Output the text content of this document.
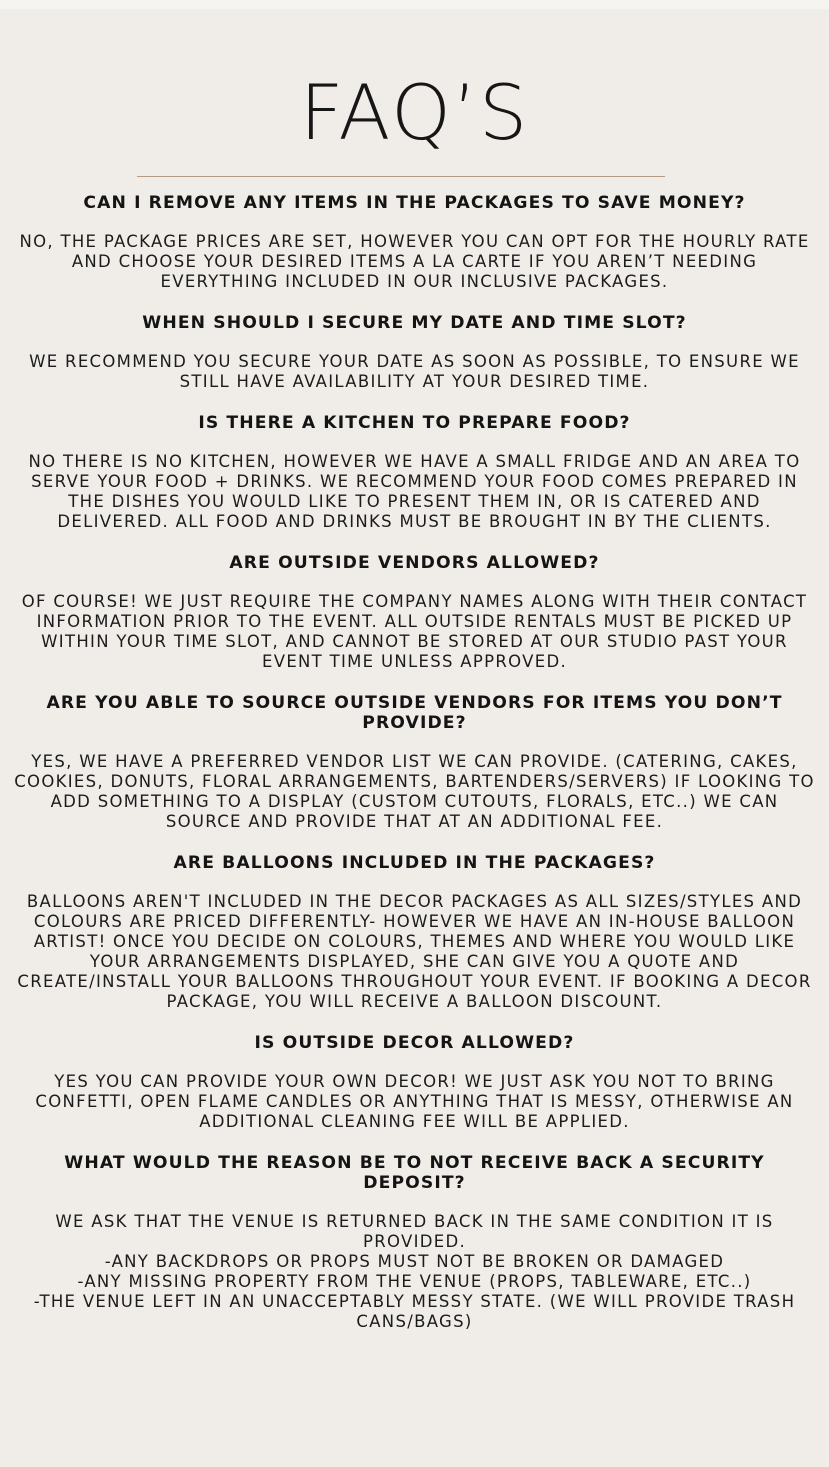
FAQ’S

CAN I REMOVE ANY ITEMS IN THE PACKAGES TO SAVE MONEY?

NO, THE PACKAGE PRICES ARE SET, HOWEVER YOU CAN OPT FOR THE HOURLY RATE AND CHOOSE YOUR DESIRED ITEMS A LA CARTE IF YOU AREN’T NEEDING EVERYTHING INCLUDED IN OUR INCLUSIVE PACKAGES.

WHEN SHOULD I SECURE MY DATE AND TIME SLOT?

WE RECOMMEND YOU SECURE YOUR DATE AS SOON AS POSSIBLE, TO ENSURE WE STILL HAVE AVAILABILITY AT YOUR DESIRED TIME.

IS THERE A KITCHEN TO PREPARE FOOD?

NO THERE IS NO KITCHEN, HOWEVER WE HAVE A SMALL FRIDGE AND AN AREA TO SERVE YOUR FOOD + DRINKS. WE RECOMMEND YOUR FOOD COMES PREPARED IN THE DISHES YOU WOULD LIKE TO PRESENT THEM IN, OR IS CATERED AND DELIVERED. ALL FOOD AND DRINKS MUST BE BROUGHT IN BY THE CLIENTS.

ARE OUTSIDE VENDORS ALLOWED?

OF COURSE! WE JUST REQUIRE THE COMPANY NAMES ALONG WITH THEIR CONTACT INFORMATION PRIOR TO THE EVENT. ALL OUTSIDE RENTALS MUST BE PICKED UP WITHIN YOUR TIME SLOT, AND CANNOT BE STORED AT OUR STUDIO PAST YOUR EVENT TIME UNLESS APPROVED.

ARE YOU ABLE TO SOURCE OUTSIDE VENDORS FOR ITEMS YOU DON’T PROVIDE?

YES, WE HAVE A PREFERRED VENDOR LIST WE CAN PROVIDE. (CATERING, CAKES, COOKIES, DONUTS, FLORAL ARRANGEMENTS, BARTENDERS/SERVERS) IF LOOKING TO ADD SOMETHING TO A DISPLAY (CUSTOM CUTOUTS, FLORALS, ETC..) WE CAN SOURCE AND PROVIDE THAT AT AN ADDITIONAL FEE.

ARE BALLOONS INCLUDED IN THE PACKAGES?

BALLOONS AREN'T INCLUDED IN THE DECOR PACKAGES AS ALL SIZES/STYLES AND COLOURS ARE PRICED DIFFERENTLY- HOWEVER WE HAVE AN IN-HOUSE BALLOON ARTIST! ONCE YOU DECIDE ON COLOURS, THEMES AND WHERE YOU WOULD LIKE YOUR ARRANGEMENTS DISPLAYED, SHE CAN GIVE YOU A QUOTE AND CREATE/INSTALL YOUR BALLOONS THROUGHOUT YOUR EVENT. IF BOOKING A DECOR PACKAGE, YOU WILL RECEIVE A BALLOON DISCOUNT.

IS OUTSIDE DECOR ALLOWED?

YES YOU CAN PROVIDE YOUR OWN DECOR! WE JUST ASK YOU NOT TO BRING CONFETTI, OPEN FLAME CANDLES OR ANYTHING THAT IS MESSY, OTHERWISE AN ADDITIONAL CLEANING FEE WILL BE APPLIED.

WHAT WOULD THE REASON BE TO NOT RECEIVE BACK A SECURITY DEPOSIT?

WE ASK THAT THE VENUE IS RETURNED BACK IN THE SAME CONDITION IT IS PROVIDED.
-ANY BACKDROPS OR PROPS MUST NOT BE BROKEN OR DAMAGED
-ANY MISSING PROPERTY FROM THE VENUE (PROPS, TABLEWARE, ETC..)
-THE VENUE LEFT IN AN UNACCEPTABLY MESSY STATE. (WE WILL PROVIDE TRASH CANS/BAGS)
